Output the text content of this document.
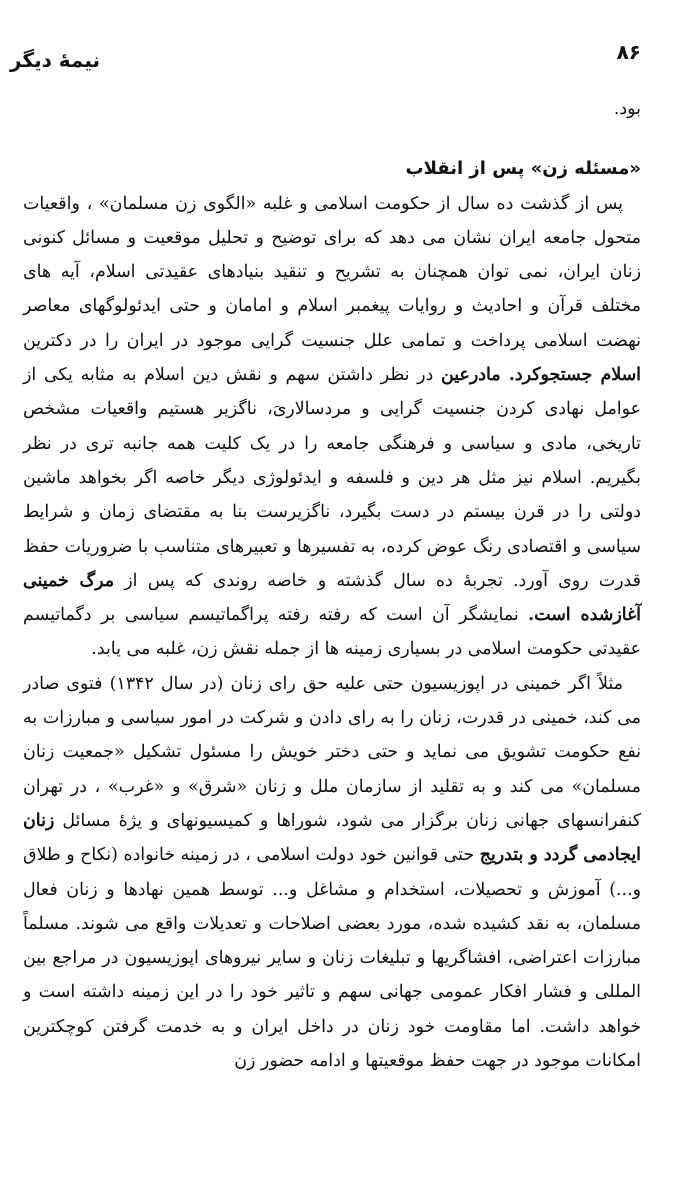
۸۶
نیمهٔ دیگر

بود.

«مسئله زن» پس از انقلاب

پس از گذشت ده سال از حکومت اسلامی و غلبه «الگوی زن مسلمان» ، واقعیات متحول جامعه ایران نشان می دهد که برای توضیح و تحلیل موقعیت و مسائل کنونی زنان ایران، نمی توان همچنان به تشریح و تنقید بنیادهای عقیدتی اسلام، آیه های مختلف قرآن و احادیث و روایات پیغمبر اسلام و امامان و حتی ایدئولوگهای معاصر نهضت اسلامی پرداخت و تمامی علل جنسیت گرایی موجود در ایران را در دکترین اسلام جستجوکرد. مادرعین در نظر داشتن سهم و نقش دین اسلام به مثابه یکی از عوامل نهادی کردن جنسیت گرایی و مردسالاریَ، ناگزیر هستیم واقعیات مشخص تاریخی، مادی و سیاسی و فرهنگی جامعه را در یک کلیت همه جانبه تری در نظر بگیریم. اسلام نیز مثل هر دین و فلسفه و ایدئولوژی دیگر خاصه اگر بخواهد ماشین دولتی را در قرن بیستم در دست بگیرد، ناگزیرست بنا به مقتضای زمان و شرایط سیاسی و اقتصادی رنگ عوض کرده، به تفسیرها و تعبیرهای متناسب با ضروریات حفظ قدرت روی آورد. تجربهٔ ده سال گذشته و خاصه روندی که پس از مرگ خمینی آغازشده است. نمایشگر آن است که رفته رفته پراگماتیسم سیاسی بر دگماتیسم عقیدتی حکومت اسلامی در بسیاری زمینه ها از جمله نقش زن، غلبه می یابد.

مثلاً اگر خمینی در اپوزیسیون حتی علیه حق رای زنان (در سال ۱۳۴۲) فتوی صادر می کند، خمینی در قدرت، زنان را به رای دادن و شرکت در امور سیاسی و مبارزات به نفع حکومت تشویق می نماید و حتی دختر خویش را مسئول تشکیل «جمعیت زنان مسلمان» می کند و به تقلید از سازمان ملل و زنان «شرق» و «غرب» ، در تهران کنفرانسهای جهانی زنان برگزار می شود، شوراها و کمیسیونهای و یژهٔ مسائل زنان ایجادمی گردد و بتدریج حتی قوانین خود دولت اسلامی ، در زمینه خانواده (نکاح و طلاق و...) آموزش و تحصیلات، استخدام و مشاغل و... توسط همین نهادها و زنان فعال مسلمان، به نقد کشیده شده، مورد بعضی اصلاحات و تعدیلات واقع می شوند. مسلماً مبارزات اعتراضی، افشاگریها و تبلیغات زنان و سایر نیروهای اپوزیسیون در مراجع بین المللی و فشار افکار عمومی جهانی سهم و تاثیر خود را در این زمینه داشته است و خواهد داشت. اما مقاومت خود زنان در داخل ایران و به خدمت گرفتن کوچکترین امکانات موجود در جهت حفظ موقعیتها و ادامه حضور زن
